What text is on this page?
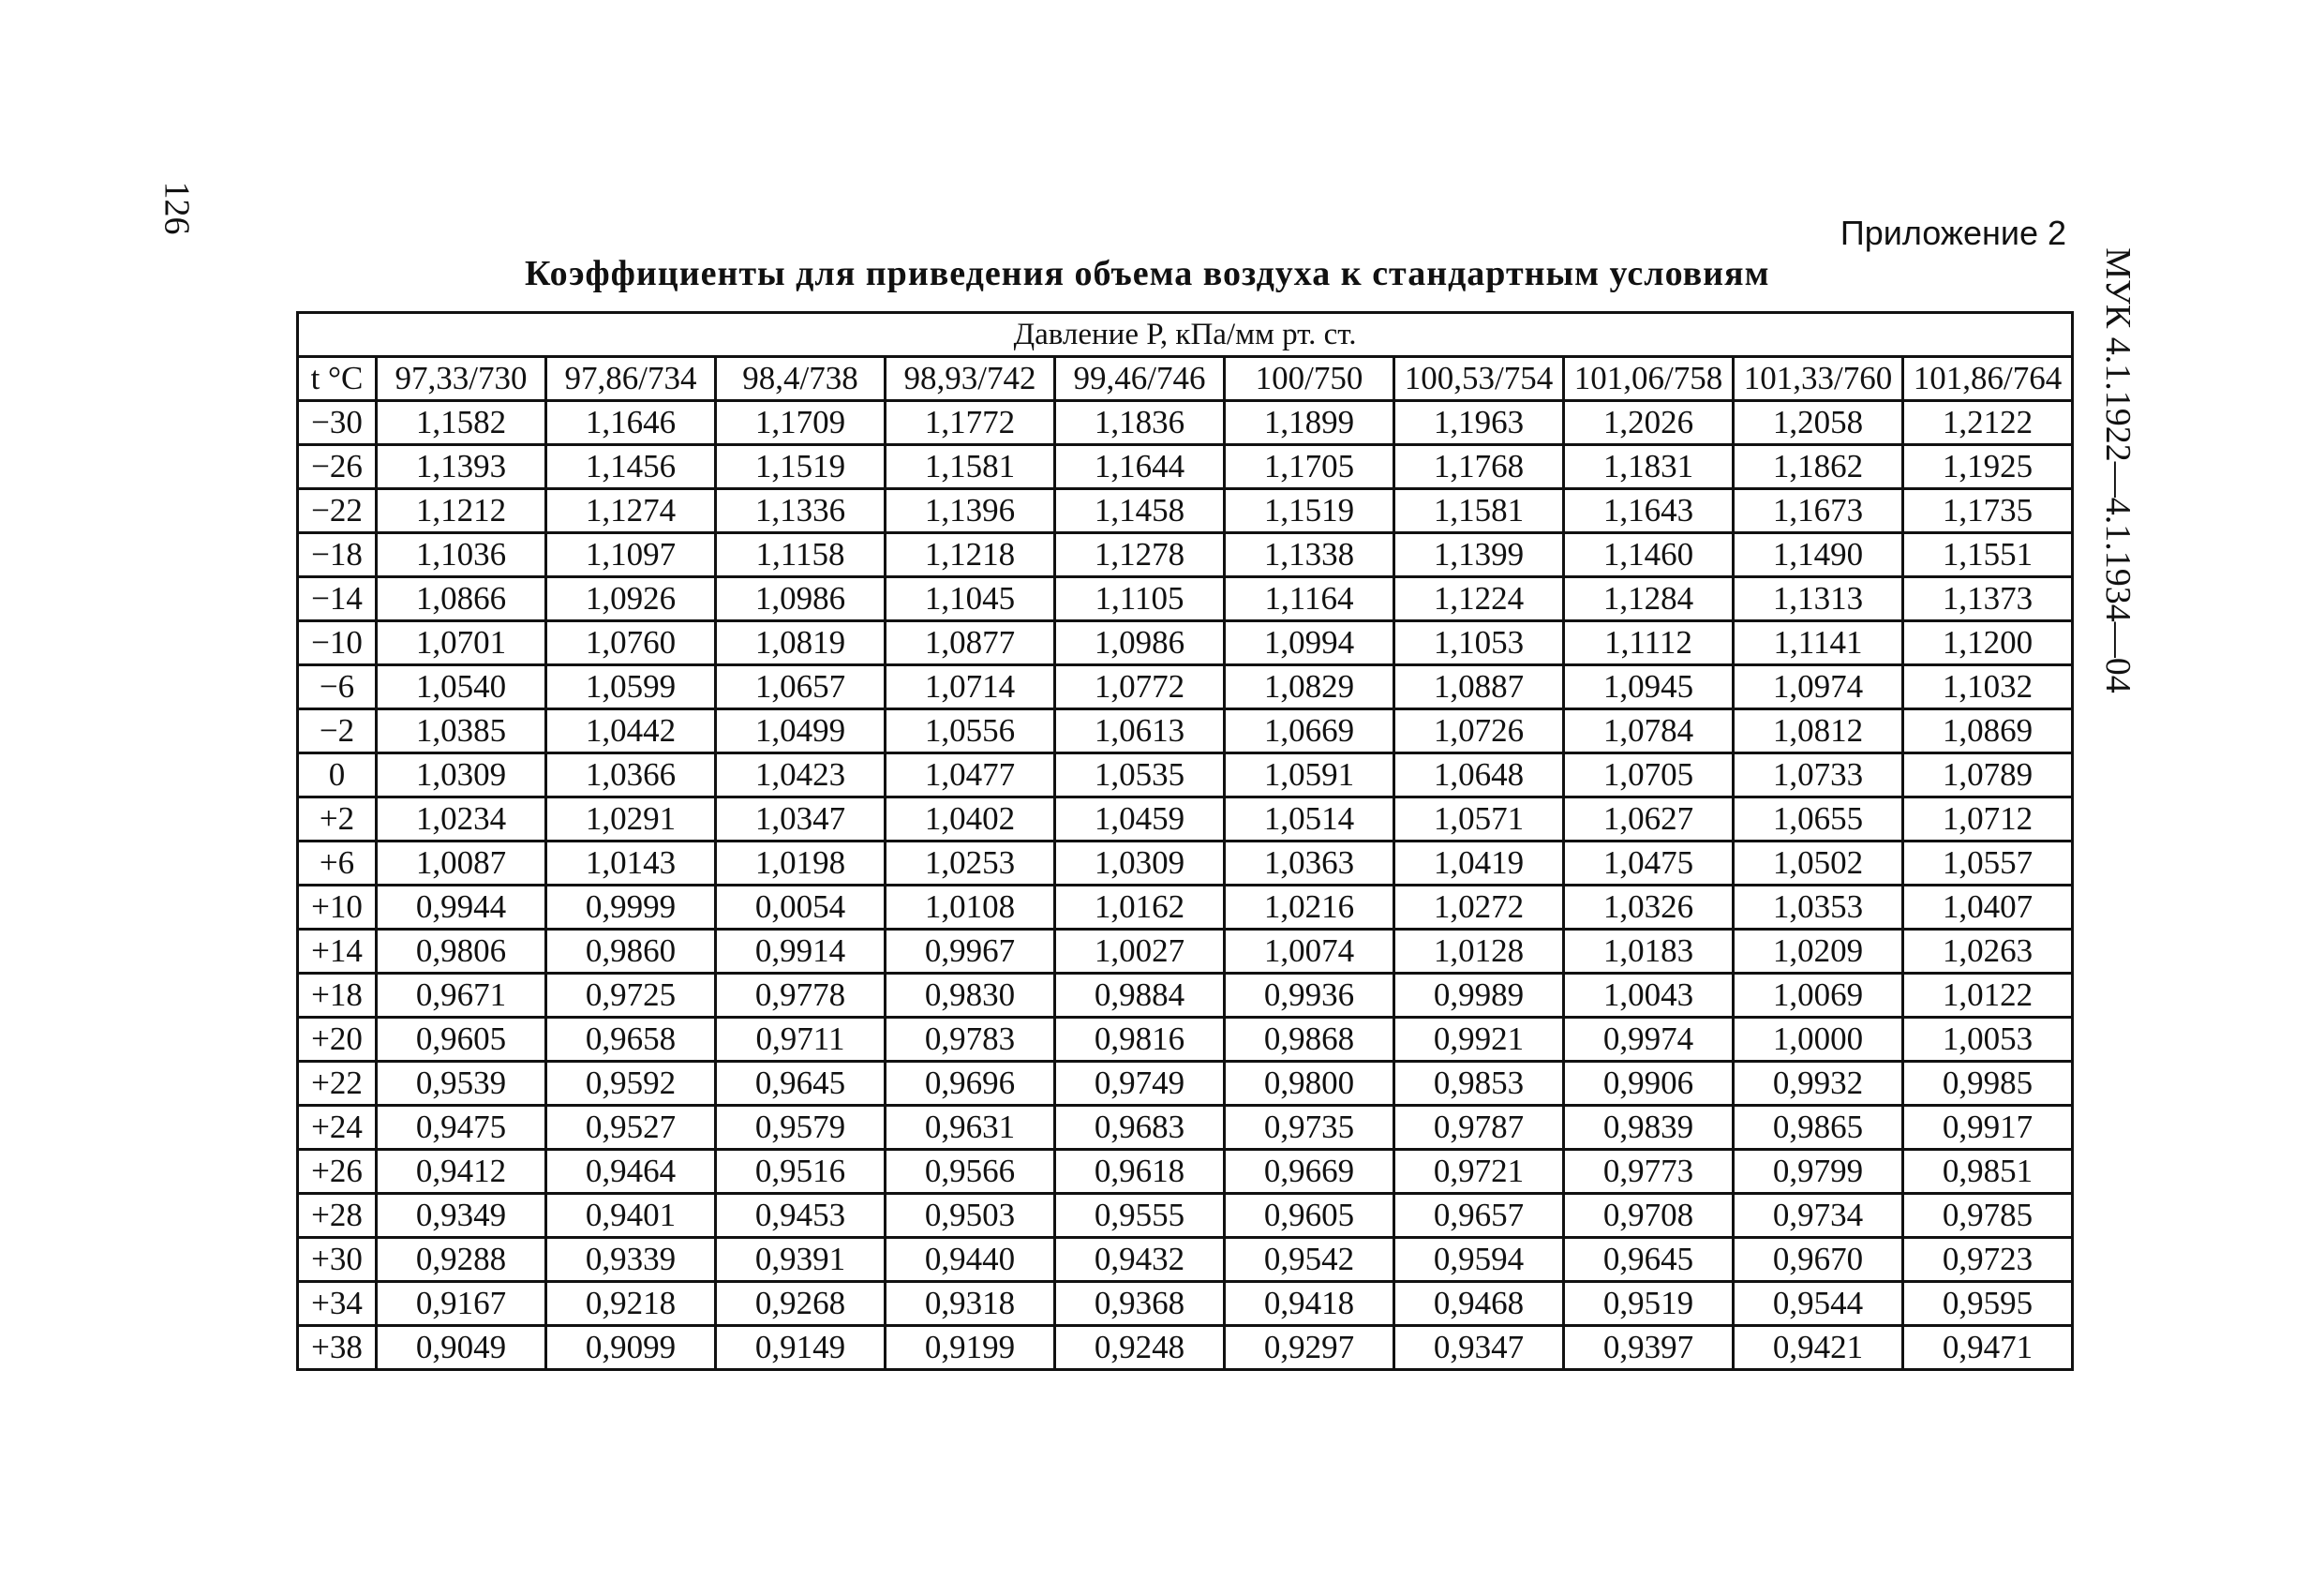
126
МУК 4.1.1922—4.1.1934—04
Приложение 2
Коэффициенты для приведения объема воздуха к стандартным условиям
Давление P, кПа/мм рт. ст.										
t °C	97,33/730	97,86/734	98,4/738	98,93/742	99,46/746	100/750	100,53/754	101,06/758	101,33/760	101,86/764
−30	1,1582	1,1646	1,1709	1,1772	1,1836	1,1899	1,1963	1,2026	1,2058	1,2122
−26	1,1393	1,1456	1,1519	1,1581	1,1644	1,1705	1,1768	1,1831	1,1862	1,1925
−22	1,1212	1,1274	1,1336	1,1396	1,1458	1,1519	1,1581	1,1643	1,1673	1,1735
−18	1,1036	1,1097	1,1158	1,1218	1,1278	1,1338	1,1399	1,1460	1,1490	1,1551
−14	1,0866	1,0926	1,0986	1,1045	1,1105	1,1164	1,1224	1,1284	1,1313	1,1373
−10	1,0701	1,0760	1,0819	1,0877	1,0986	1,0994	1,1053	1,1112	1,1141	1,1200
−6	1,0540	1,0599	1,0657	1,0714	1,0772	1,0829	1,0887	1,0945	1,0974	1,1032
−2	1,0385	1,0442	1,0499	1,0556	1,0613	1,0669	1,0726	1,0784	1,0812	1,0869
0	1,0309	1,0366	1,0423	1,0477	1,0535	1,0591	1,0648	1,0705	1,0733	1,0789
+2	1,0234	1,0291	1,0347	1,0402	1,0459	1,0514	1,0571	1,0627	1,0655	1,0712
+6	1,0087	1,0143	1,0198	1,0253	1,0309	1,0363	1,0419	1,0475	1,0502	1,0557
+10	0,9944	0,9999	0,0054	1,0108	1,0162	1,0216	1,0272	1,0326	1,0353	1,0407
+14	0,9806	0,9860	0,9914	0,9967	1,0027	1,0074	1,0128	1,0183	1,0209	1,0263
+18	0,9671	0,9725	0,9778	0,9830	0,9884	0,9936	0,9989	1,0043	1,0069	1,0122
+20	0,9605	0,9658	0,9711	0,9783	0,9816	0,9868	0,9921	0,9974	1,0000	1,0053
+22	0,9539	0,9592	0,9645	0,9696	0,9749	0,9800	0,9853	0,9906	0,9932	0,9985
+24	0,9475	0,9527	0,9579	0,9631	0,9683	0,9735	0,9787	0,9839	0,9865	0,9917
+26	0,9412	0,9464	0,9516	0,9566	0,9618	0,9669	0,9721	0,9773	0,9799	0,9851
+28	0,9349	0,9401	0,9453	0,9503	0,9555	0,9605	0,9657	0,9708	0,9734	0,9785
+30	0,9288	0,9339	0,9391	0,9440	0,9432	0,9542	0,9594	0,9645	0,9670	0,9723
+34	0,9167	0,9218	0,9268	0,9318	0,9368	0,9418	0,9468	0,9519	0,9544	0,9595
+38	0,9049	0,9099	0,9149	0,9199	0,9248	0,9297	0,9347	0,9397	0,9421	0,9471
